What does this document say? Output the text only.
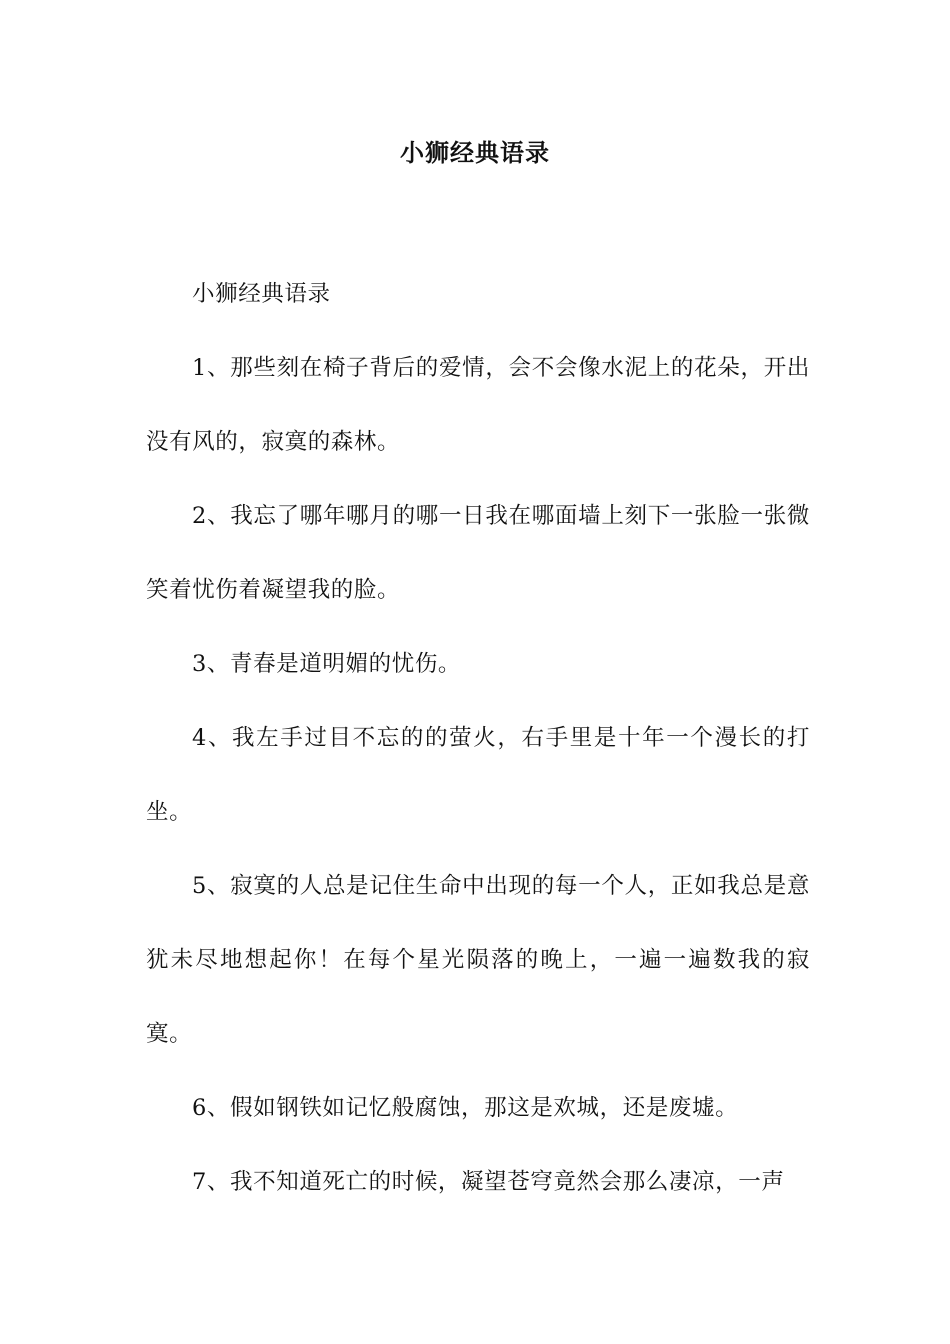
小狮经典语录

小狮经典语录

1、那些刻在椅子背后的爱情，会不会像水泥上的花朵，开出没有风的，寂寞的森林。

2、我忘了哪年哪月的哪一日我在哪面墙上刻下一张脸一张微笑着忧伤着凝望我的脸。

3、青春是道明媚的忧伤。

4、我左手过目不忘的的萤火，右手里是十年一个漫长的打坐。

5、寂寞的人总是记住生命中出现的每一个人，正如我总是意犹未尽地想起你！在每个星光陨落的晚上，一遍一遍数我的寂寞。

6、假如钢铁如记忆般腐蚀，那这是欢城，还是废墟。

7、我不知道死亡的时候，凝望苍穹竟然会那么凄凉，一声
